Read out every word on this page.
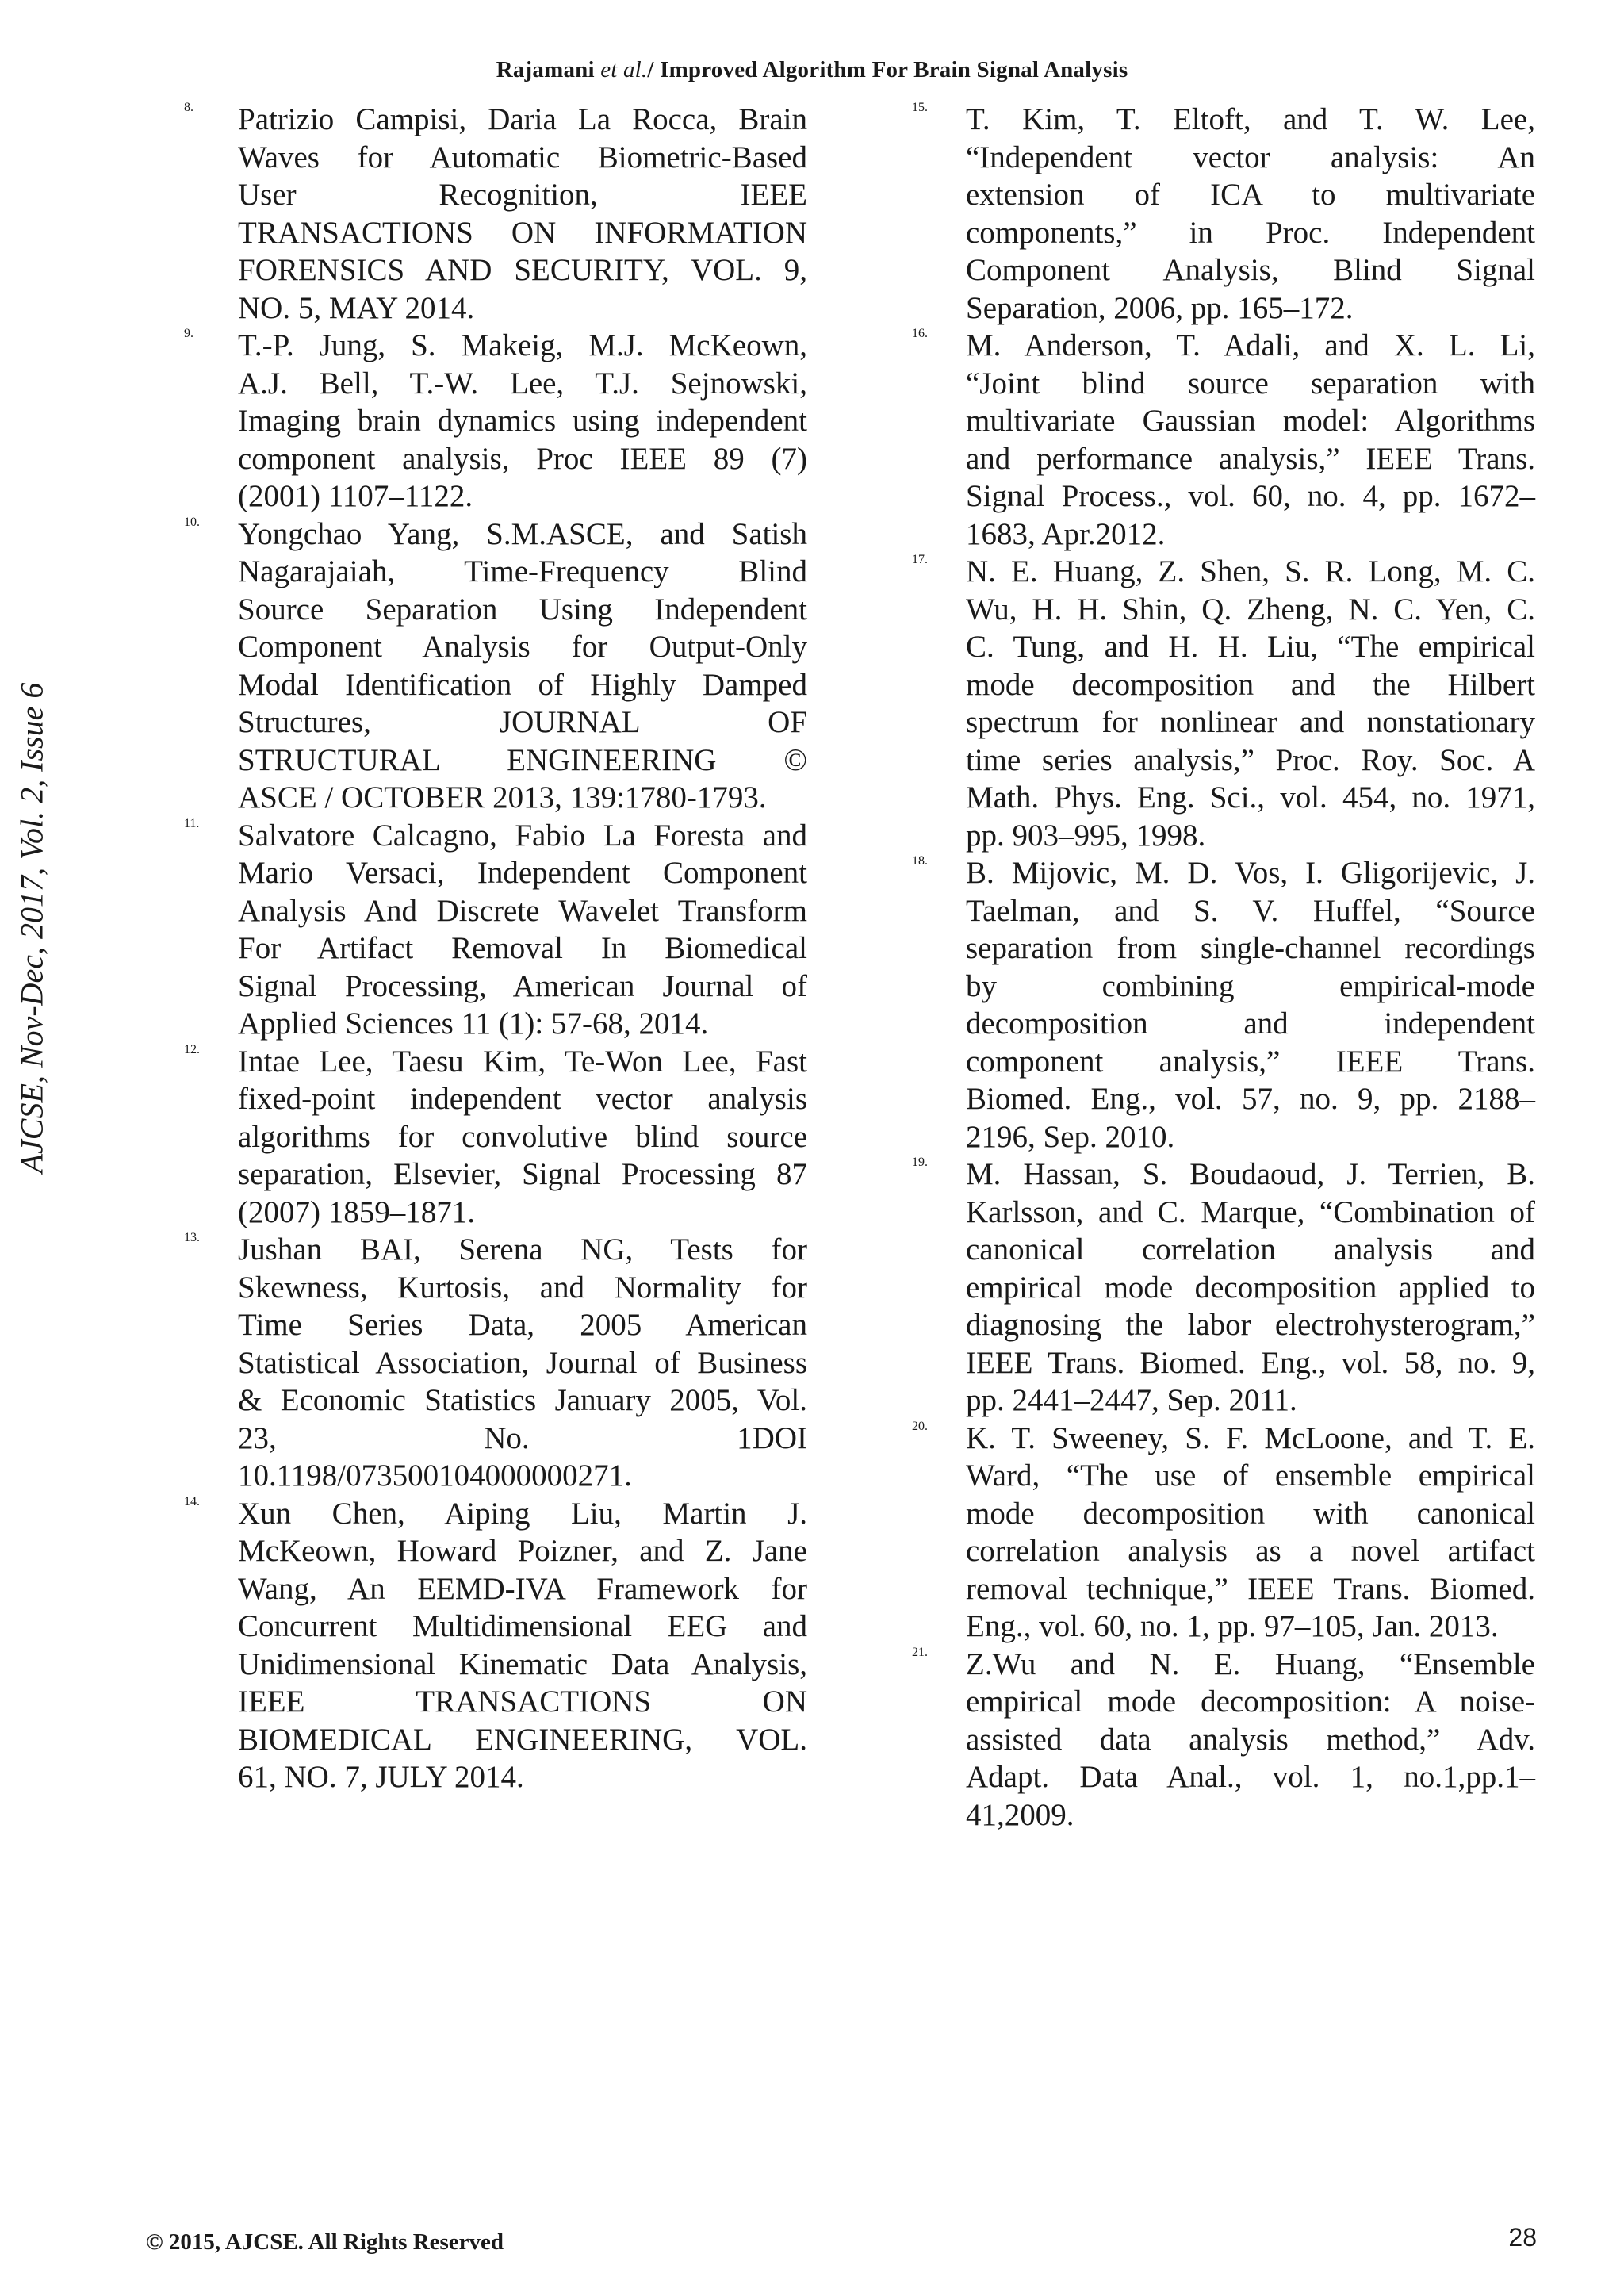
Rajamani et al./ Improved Algorithm For Brain Signal Analysis
AJCSE, Nov-Dec, 2017, Vol. 2, Issue 6
8.	Patrizio Campisi, Daria La Rocca, Brain
Waves for Automatic Biometric-Based
User Recognition, IEEE
TRANSACTIONS ON INFORMATION
FORENSICS AND SECURITY, VOL. 9,
NO. 5, MAY 2014.
9.	T.-P. Jung, S. Makeig, M.J. McKeown,
A.J. Bell, T.-W. Lee, T.J. Sejnowski,
Imaging brain dynamics using independent
component analysis, Proc IEEE 89 (7)
(2001) 1107–1122.
10.	Yongchao Yang, S.M.ASCE, and Satish
Nagarajaiah, Time-Frequency Blind
Source Separation Using Independent
Component Analysis for Output-Only
Modal Identification of Highly Damped
Structures, JOURNAL OF
STRUCTURAL ENGINEERING ©
ASCE / OCTOBER 2013, 139:1780-1793.
11.	Salvatore Calcagno, Fabio La Foresta and
Mario Versaci, Independent Component
Analysis And Discrete Wavelet Transform
For Artifact Removal In Biomedical
Signal Processing, American Journal of
Applied Sciences 11 (1): 57-68, 2014.
12.	Intae Lee, Taesu Kim, Te-Won Lee, Fast
fixed-point independent vector analysis
algorithms for convolutive blind source
separation, Elsevier, Signal Processing 87
(2007) 1859–1871.
13.	Jushan BAI, Serena NG, Tests for
Skewness, Kurtosis, and Normality for
Time Series Data, 2005 American
Statistical Association, Journal of Business
& Economic Statistics January 2005, Vol.
23, No. 1DOI
10.1198/073500104000000271.
14.	Xun Chen, Aiping Liu, Martin J.
McKeown, Howard Poizner, and Z. Jane
Wang, An EEMD-IVA Framework for
Concurrent Multidimensional EEG and
Unidimensional Kinematic Data Analysis,
IEEE TRANSACTIONS ON
BIOMEDICAL ENGINEERING, VOL.
61, NO. 7, JULY 2014.
15.	T. Kim, T. Eltoft, and T. W. Lee,
“Independent vector analysis: An
extension of ICA to multivariate
components,” in Proc. Independent
Component Analysis, Blind Signal
Separation, 2006, pp. 165–172.
16.	M. Anderson, T. Adali, and X. L. Li,
“Joint blind source separation with
multivariate Gaussian model: Algorithms
and performance analysis,” IEEE Trans.
Signal Process., vol. 60, no. 4, pp. 1672–
1683, Apr.2012.
17.	N. E. Huang, Z. Shen, S. R. Long, M. C.
Wu, H. H. Shin, Q. Zheng, N. C. Yen, C.
C. Tung, and H. H. Liu, “The empirical
mode decomposition and the Hilbert
spectrum for nonlinear and nonstationary
time series analysis,” Proc. Roy. Soc. A
Math. Phys. Eng. Sci., vol. 454, no. 1971,
pp. 903–995, 1998.
18.	B. Mijovic, M. D. Vos, I. Gligorijevic, J.
Taelman, and S. V. Huffel, “Source
separation from single-channel recordings
by combining empirical-mode
decomposition and independent
component analysis,” IEEE Trans.
Biomed. Eng., vol. 57, no. 9, pp. 2188–
2196, Sep. 2010.
19.	M. Hassan, S. Boudaoud, J. Terrien, B.
Karlsson, and C. Marque, “Combination of
canonical correlation analysis and
empirical mode decomposition applied to
diagnosing the labor electrohysterogram,”
IEEE Trans. Biomed. Eng., vol. 58, no. 9,
pp. 2441–2447, Sep. 2011.
20.	K. T. Sweeney, S. F. McLoone, and T. E.
Ward, “The use of ensemble empirical
mode decomposition with canonical
correlation analysis as a novel artifact
removal technique,” IEEE Trans. Biomed.
Eng., vol. 60, no. 1, pp. 97–105, Jan. 2013.
21.	Z.Wu and N. E. Huang, “Ensemble
empirical mode decomposition: A noise-
assisted data analysis method,” Adv.
Adapt. Data Anal., vol. 1, no.1,pp.1–
41,2009.
© 2015, AJCSE. All Rights Reserved	28
